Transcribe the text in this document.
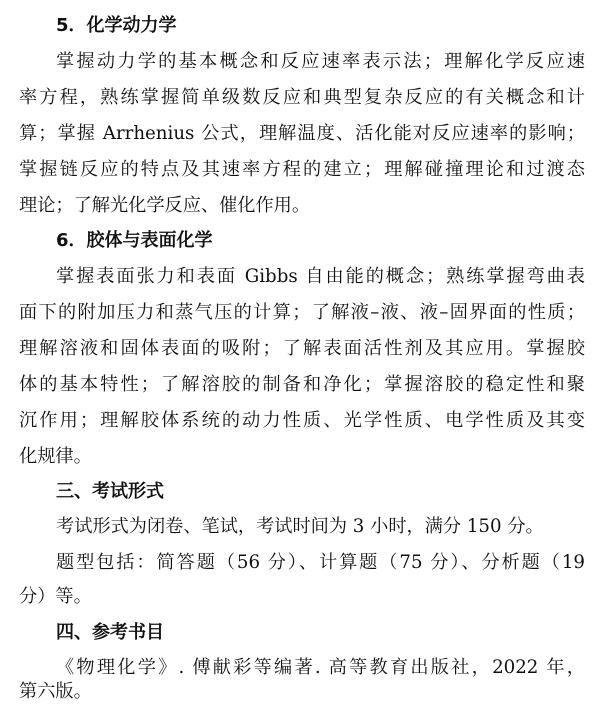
5．化学动力学
掌握动力学的基本概念和反应速率表示法；理解化学反应速
率方程，熟练掌握简单级数反应和典型复杂反应的有关概念和计
算；掌握 Arrhenius 公式，理解温度、活化能对反应速率的影响；
掌握链反应的特点及其速率方程的建立；理解碰撞理论和过渡态
理论；了解光化学反应、催化作用。
6．胶体与表面化学
掌握表面张力和表面 Gibbs 自由能的概念；熟练掌握弯曲表
面下的附加压力和蒸气压的计算；了解液–液、液–固界面的性质；
理解溶液和固体表面的吸附；了解表面活性剂及其应用。掌握胶
体的基本特性；了解溶胶的制备和净化；掌握溶胶的稳定性和聚
沉作用；理解胶体系统的动力性质、光学性质、电学性质及其变
化规律。
三、考试形式
考试形式为闭卷、笔试，考试时间为 3 小时，满分 150 分。
题型包括：简答题（56 分）、计算题（75 分）、分析题（19
分）等。
四、参考书目
《物理化学》. 傅献彩等编著. 高等教育出版社，2022 年，
第六版。
